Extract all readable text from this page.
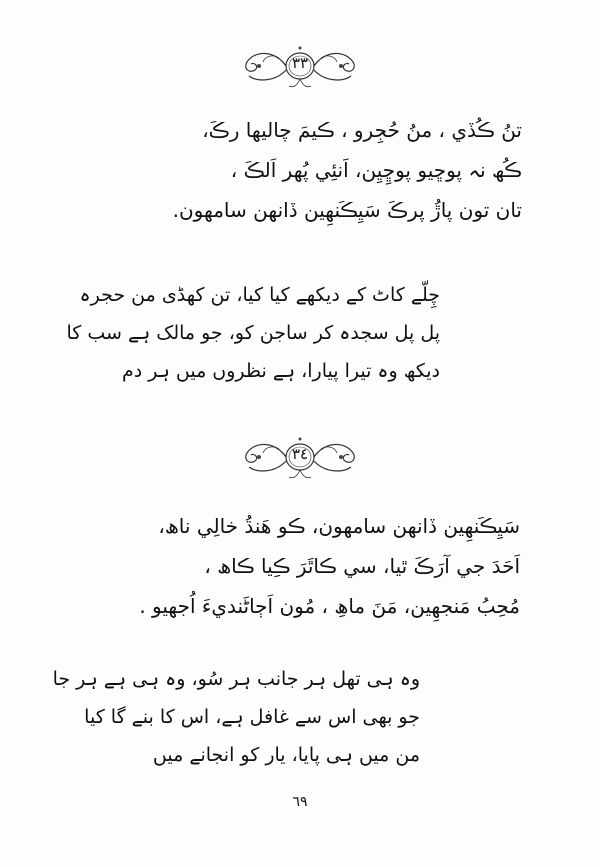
٣٣
تنُ ڪُڏي ، منُ حُجِرو ، ڪيمَ چاليھا رڪَ،
ڪُھ نہ پوڇيو پوڇِيِن، اَنئِي پُھر اَلڪَ ،
تان تون پاڙُ پرڪَ سَيِڪَنھِين ڏانھن سامهون.
چِلّے کاٹ کے دیکھے کیا کیا، تن کھڈی من حجرہ
پل پل سجدہ کر ساجن کو، جو مالک ہے سب کا
دیکھ وہ تیرا پیارا، ہے نظروں میں ہر دم
٣٤
سَيِڪَنھِين ڏانھن سامهون، ڪو هَنڌُ خالِي ناھ،
اَحَدَ جي آرَڪَ ٿيا، سي ڪاٿَرَ ڪِيا ڪاھ ،
مُحِبُ مَنجھِين، مَنَ ماھِ ، مُون اَڄاڻَنديءَ اُجھيو .
وہ ہی تھل ہر جانب ہر سُو، وہ ہی ہے ہر جا
جو بھی اس سے غافل ہے، اس کا بنے گا کیا
من میں ہی پایا، یار کو انجانے میں
٦٩
